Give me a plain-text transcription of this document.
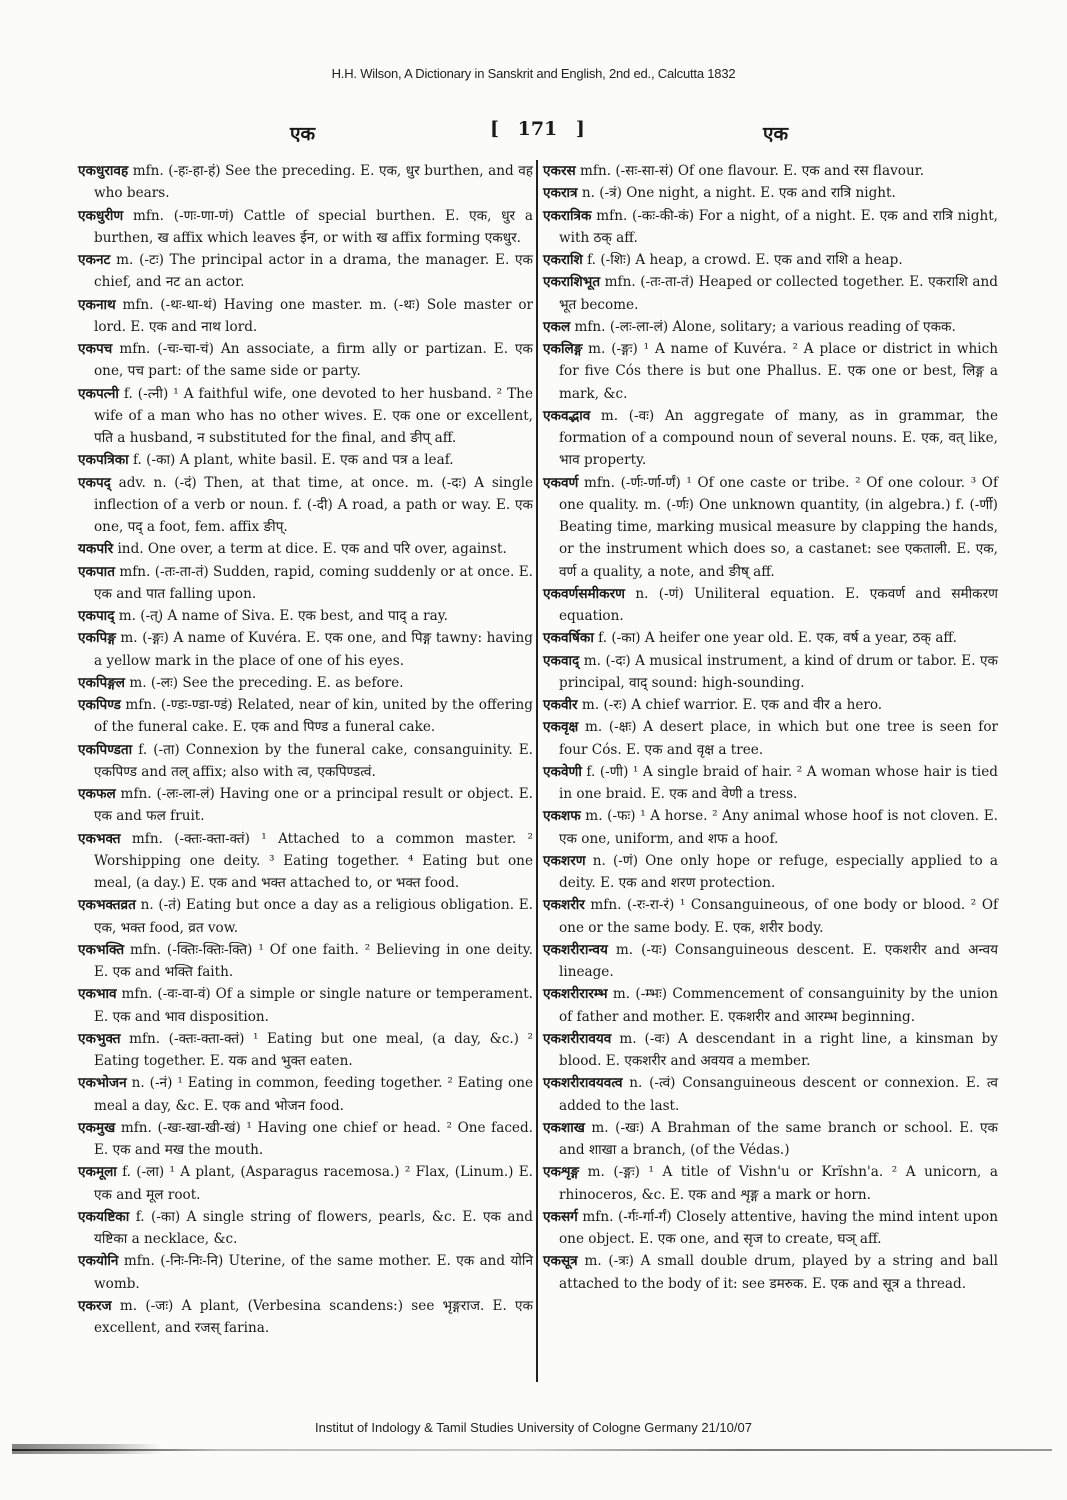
H.H. Wilson, A Dictionary in Sanskrit and English, 2nd ed., Calcutta 1832
एक	[ 171 ]	एक

एकधुरावह mfn. (-हः-हा-हं) See the preceding. E. एक, धुर burthen, and वह who bears.

एकधुरीण mfn. (-णः-णा-णं) Cattle of special burthen. E. एक, धुर a burthen, ख affix which leaves ईन, or with ख affix forming एकधुर.

एकनट m. (-टः) The principal actor in a drama, the manager. E. एक chief, and नट an actor.

एकनाथ mfn. (-थः-था-थं) Having one master. m. (-थः) Sole master or lord. E. एक and नाथ lord.

एकपच mfn. (-चः-चा-चं) An associate, a firm ally or partizan. E. एक one, पच part: of the same side or party.

एकपत्नी f. (-त्नी) ¹ A faithful wife, one devoted to her husband. ² The wife of a man who has no other wives. E. एक one or excellent, पति a husband, न substituted for the final, and ङीप् aff.

एकपत्रिका f. (-का) A plant, white basil. E. एक and पत्र a leaf.

एकपद् adv. n. (-दं) Then, at that time, at once. m. (-दः) A single inflection of a verb or noun. f. (-दी) A road, a path or way. E. एक one, पद् a foot, fem. affix ङीप्.

यकपरि ind. One over, a term at dice. E. एक and परि over, against.

एकपात mfn. (-तः-ता-तं) Sudden, rapid, coming suddenly or at once. E. एक and पात falling upon.

एकपाद् m. (-त्) A name of Siva. E. एक best, and पाद् a ray.

एकपिङ्ग m. (-ङ्गः) A name of Kuvéra. E. एक one, and पिङ्ग tawny: having a yellow mark in the place of one of his eyes.

एकपिङ्गल m. (-लः) See the preceding. E. as before.

एकपिण्ड mfn. (-ण्डः-ण्डा-ण्डं) Related, near of kin, united by the offering of the funeral cake. E. एक and पिण्ड a funeral cake.

एकपिण्डता f. (-ता) Connexion by the funeral cake, consanguinity. E. एकपिण्ड and तल् affix; also with त्व, एकपिण्डत्वं.

एकफल mfn. (-लः-ला-लं) Having one or a principal result or object. E. एक and फल fruit.

एकभक्त mfn. (-क्तः-क्ता-क्तं) ¹ Attached to a common master. ² Worshipping one deity. ³ Eating together. ⁴ Eating but one meal, (a day.) E. एक and भक्त attached to, or भक्त food.

एकभक्तव्रत n. (-तं) Eating but once a day as a religious obligation. E. एक, भक्त food, व्रत vow.

एकभक्ति mfn. (-क्तिः-क्तिः-क्ति) ¹ Of one faith. ² Believing in one deity. E. एक and भक्ति faith.

एकभाव mfn. (-वः-वा-वं) Of a simple or single nature or temperament. E. एक and भाव disposition.

एकभुक्त mfn. (-क्तः-क्ता-क्तं) ¹ Eating but one meal, (a day, &c.) ² Eating together. E. यक and भुक्त eaten.

एकभोजन n. (-नं) ¹ Eating in common, feeding together. ² Eating one meal a day, &c. E. एक and भोजन food.

एकमुख mfn. (-खः-खा-खी-खं) ¹ Having one chief or head. ² One faced. E. एक and मख the mouth.

एकमूला f. (-ला) ¹ A plant, (Asparagus racemosa.) ² Flax, (Linum.) E. एक and मूल root.

एकयष्टिका f. (-का) A single string of flowers, pearls, &c. E. एक and यष्टिका a necklace, &c.

एकयोनि mfn. (-निः-निः-नि) Uterine, of the same mother. E. एक and योनि womb.

एकरज m. (-जः) A plant, (Verbesina scandens:) see भृङ्गराज. E. एक excellent, and रजस् farina.

एकरस mfn. (-सः-सा-सं) Of one flavour. E. एक and रस flavour.

एकरात्र n. (-त्रं) One night, a night. E. एक and रात्रि night.

एकरात्रिक mfn. (-कः-की-कं) For a night, of a night. E. एक and रात्रि night, with ठक् aff.

एकराशि f. (-शिः) A heap, a crowd. E. एक and राशि a heap.

एकराशिभूत mfn. (-तः-ता-तं) Heaped or collected together. E. एकराशि and भूत become.

एकल mfn. (-लः-ला-लं) Alone, solitary; a various reading of एकक.

एकलिङ्ग m. (-ङ्गः) ¹ A name of Kuvéra. ² A place or district in which for five Cós there is but one Phallus. E. एक one or best, लिङ्ग a mark, &c.

एकवद्भाव m. (-वः) An aggregate of many, as in grammar, the formation of a compound noun of several nouns. E. एक, वत् like, भाव property.

एकवर्ण mfn. (-र्णः-र्णा-र्णं) ¹ Of one caste or tribe. ² Of one colour. ³ Of one quality. m. (-र्णः) One unknown quantity, (in algebra.) f. (-र्णी) Beating time, marking musical measure by clapping the hands, or the instrument which does so, a castanet: see एकताली. E. एक, वर्ण a quality, a note, and ङीष् aff.

एकवर्णसमीकरण n. (-णं) Uniliteral equation. E. एकवर्ण and समीकरण equation.

एकवर्षिका f. (-का) A heifer one year old. E. एक, वर्ष a year, ठक् aff.

एकवाद् m. (-दः) A musical instrument, a kind of drum or tabor. E. एक principal, वाद् sound: high-sounding.

एकवीर m. (-रः) A chief warrior. E. एक and वीर a hero.

एकवृक्ष m. (-क्षः) A desert place, in which but one tree is seen for four Cós. E. एक and वृक्ष a tree.

एकवेणी f. (-णी) ¹ A single braid of hair. ² A woman whose hair is tied in one braid. E. एक and वेणी a tress.

एकशफ m. (-फः) ¹ A horse. ² Any animal whose hoof is not cloven. E. एक one, uniform, and शफ a hoof.

एकशरण n. (-णं) One only hope or refuge, especially applied to a deity. E. एक and शरण protection.

एकशरीर mfn. (-रः-रा-रं) ¹ Consanguineous, of one body or blood. ² Of one or the same body. E. एक, शरीर body.

एकशरीरान्वय m. (-यः) Consanguineous descent. E. एकशरीर and अन्वय lineage.

एकशरीरारम्भ m. (-म्भः) Commencement of consanguinity by the union of father and mother. E. एकशरीर and आरम्भ beginning.

एकशरीरावयव m. (-वः) A descendant in a right line, a kinsman by blood. E. एकशरीर and अवयव a member.

एकशरीरावयवत्व n. (-त्वं) Consanguineous descent or connexion. E. त्व added to the last.

एकशाख m. (-खः) A Brahman of the same branch or school. E. एक and शाखा a branch, (of the Védas.)

एकशृङ्ग m. (-ङ्गः) ¹ A title of Vishn'u or Krïshn'a. ² A unicorn, a rhinoceros, &c. E. एक and शृङ्ग a mark or horn.

एकसर्ग mfn. (-र्गः-र्गा-र्गं) Closely attentive, having the mind intent upon one object. E. एक one, and सृज to create, घञ् aff.

एकसूत्र m. (-त्रः) A small double drum, played by a string and ball attached to the body of it: see डमरुक. E. एक and सूत्र a thread.

Institut of Indology & Tamil Studies University of Cologne Germany 21/10/07
